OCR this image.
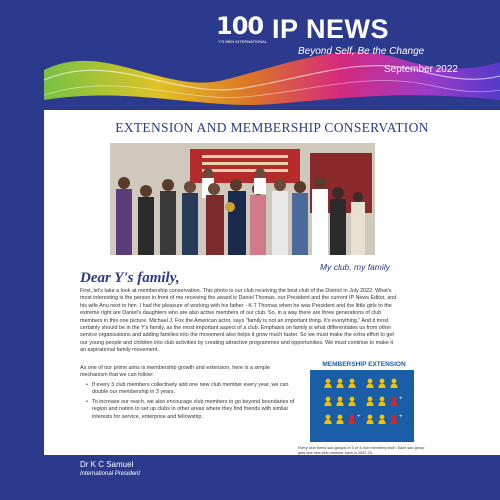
100
Y'S MEN INTERNATIONAL IP NEWS
Beyond Self, Be the Change
September 2022
EXTENSION AND MEMBERSHIP CONSERVATION
My club, my family
Dear Y's family,

First, let's take a look at membership conservation. This photo is our club receiving the best club of the District in July 2022. What's most interesting is the person in front of me receiving the award is Daniel Thomas, our President and the current IP News Editor, and his wife Anu next to him. I had the pleasure of working with his father - K.T Thomas when he was President and the little girls to the extreme right are Daniel's daughters who are also active members of our club. So, in a way there are three generations of club members in this one picture. Michael J. Fox the American actor, says "family is not an important thing. It's everything." And it most certainly should be in the Y's family, as the most important aspect of a club. Emphasis on family is what differentiates us from other service organisations and adding families into the movement also helps it grow much faster. So we must make the extra effort to get our young people and children into club activities by creating attractive programmes and opportunities. We must continue to make it an aspirational family movement.

As one of our prime aims is membership growth and extension, here is a simple mechanism that we can follow:

• If every 3 club members collectively add one new club member every year, we can double our membership in 3 years.
• To increase our reach, we also encourage club members to go beyond boundaries of region and nation to set up clubs in other areas where they find friends with similar interests for service, enterprise and fellowship.
MEMBERSHIP EXTENSION
+
+	+
Every club forms sub-groups of 3 or 4 club members each. Each sub-group gets one new club member each in 2022-23.
Dr K C Samuel
International President
